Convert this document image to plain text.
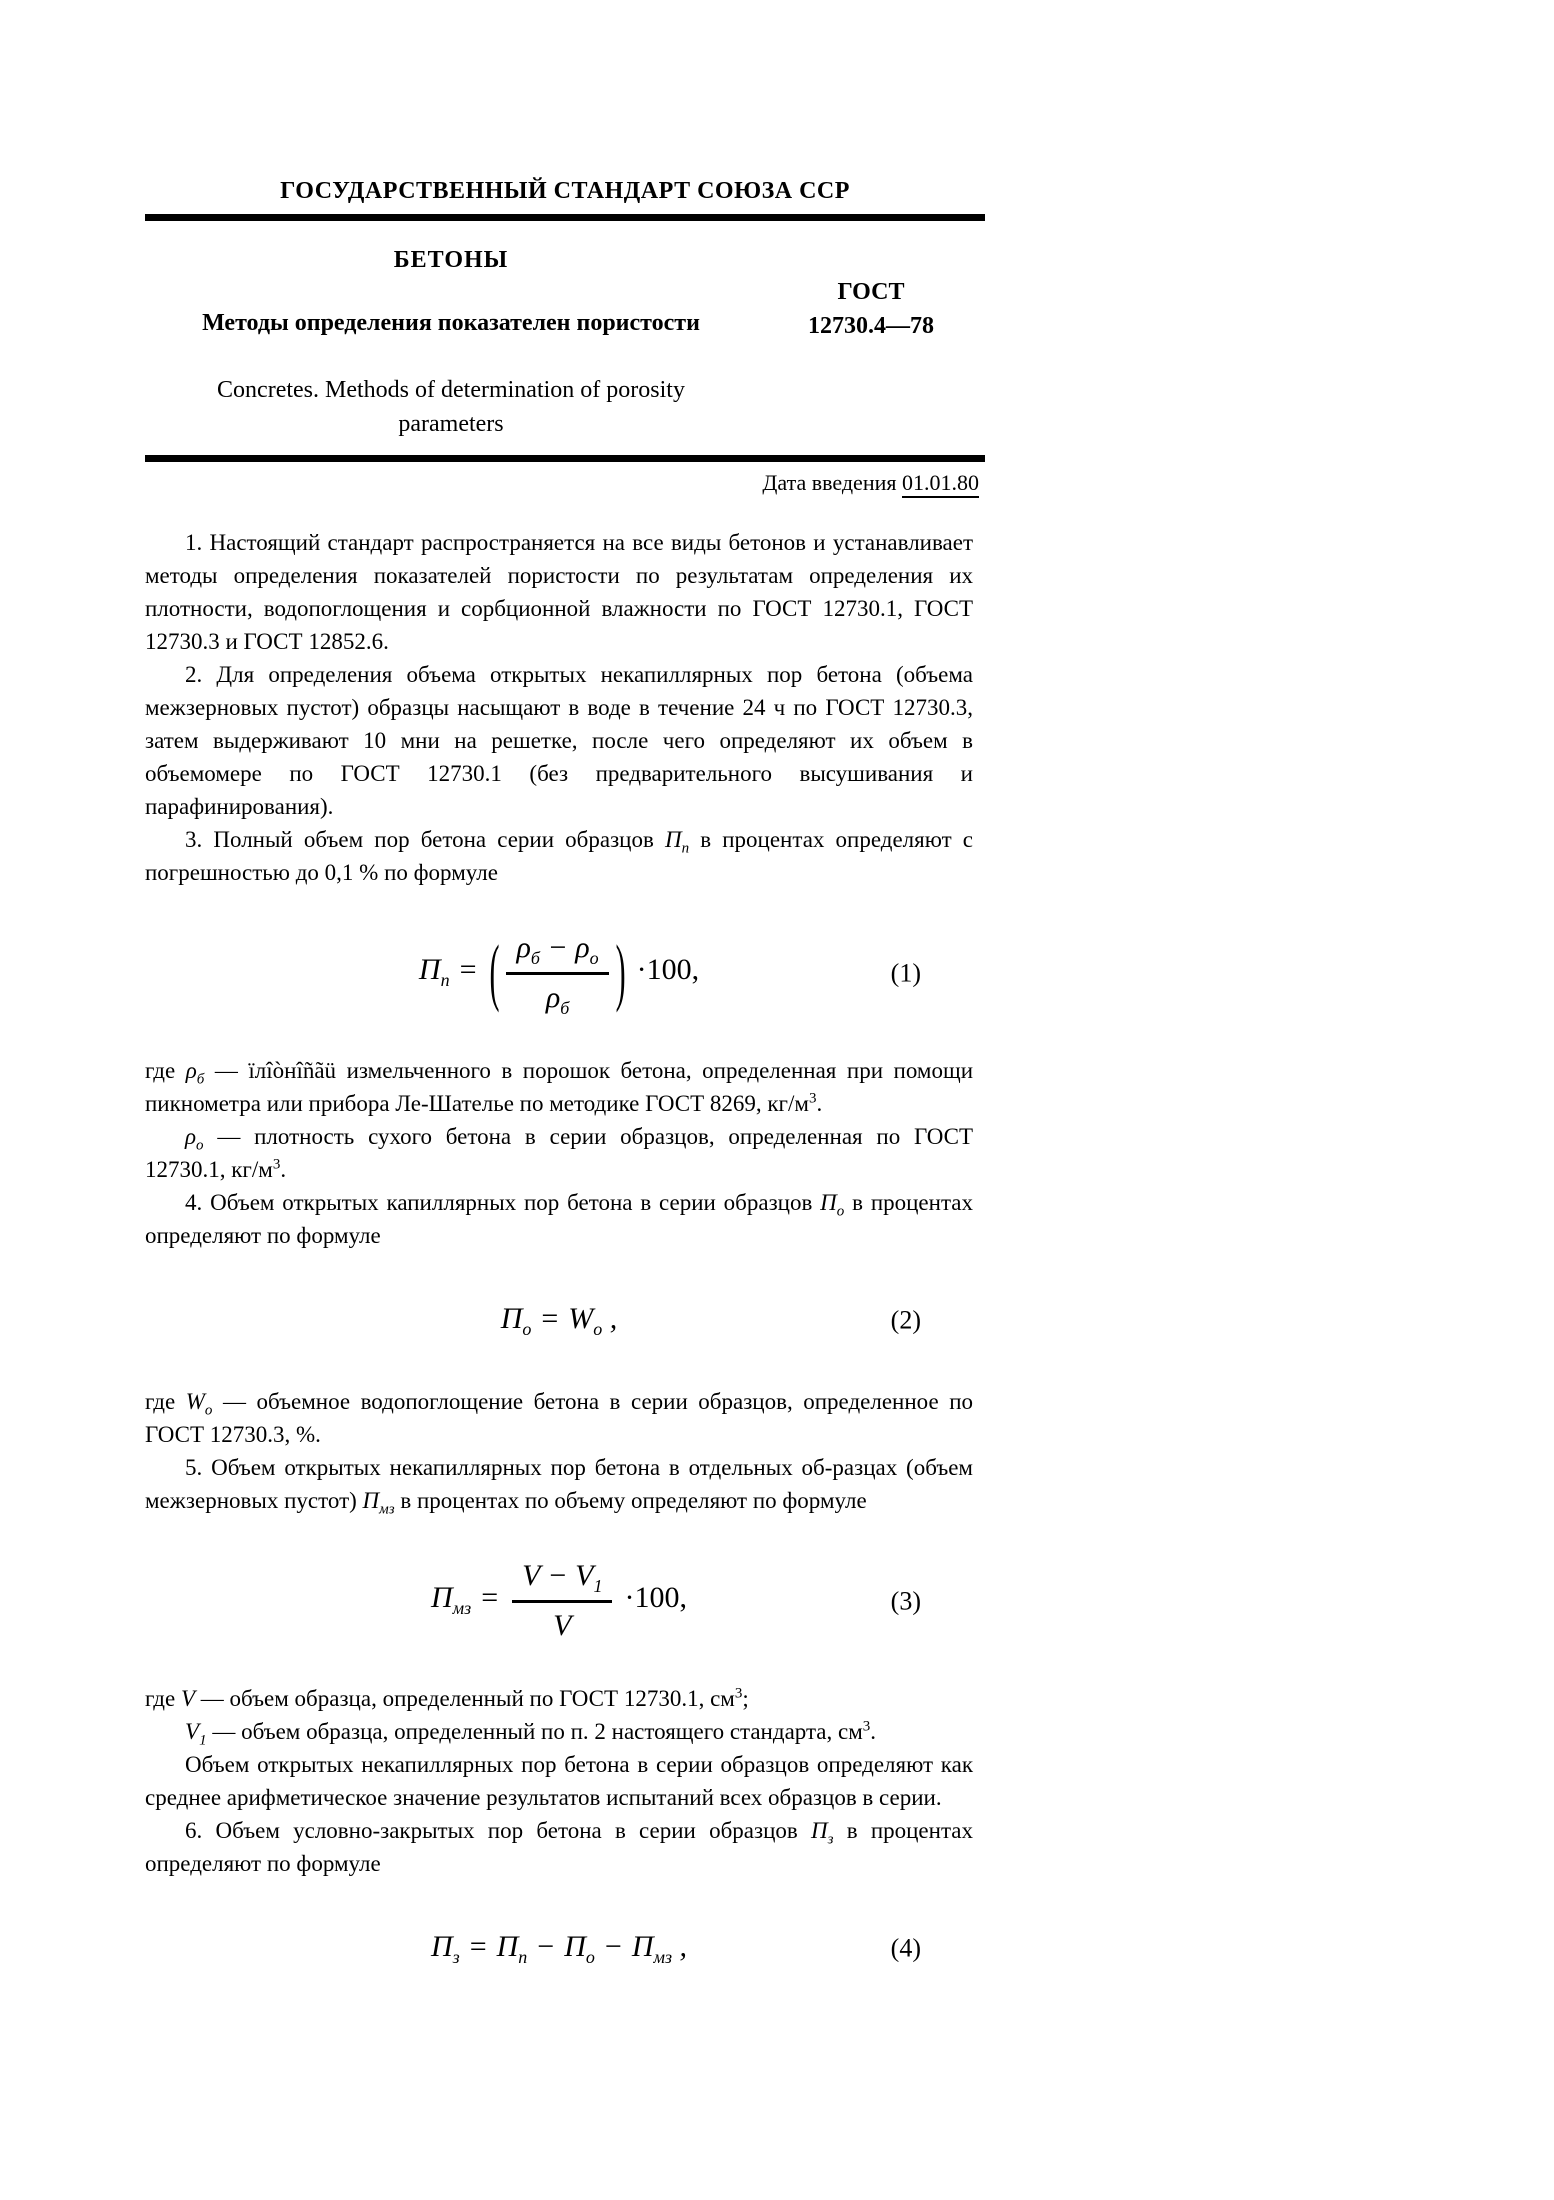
ГОСУДАРСТВЕННЫЙ СТАНДАРТ СОЮЗА ССР
БЕТОНЫ
Методы определения показателен пористости
Concretes. Methods of determination of porosity
parameters
ГОСТ
12730.4—78
Дата введения 01.01.80

1. Настоящий стандарт распространяется на все виды бетонов и устанавливает методы определения показателей пористости по результатам определения их плотности, водопоглощения и сорбционной влажности по ГОСТ 12730.1, ГОСТ 12730.3 и ГОСТ 12852.6.

2. Для определения объема открытых некапиллярных пор бетона (объема межзерновых пустот) образцы насыщают в воде в течение 24 ч по ГОСТ 12730.3, затем выдерживают 10 мни на решетке, после чего определяют их объем в объемомере по ГОСТ 12730.1 (без предварительного высушивания и парафинирования).

3. Полный объем пор бетона серии образцов $П_п$ в процентах определяют с погрешностью до 0,1 % по формуле

$П_п$ = ( $\frac{\rho_б - \rho_о}{\rho_б}$ ) ·100,	(1)

где $\rho_б$ — ïлîòнîñãü измельченного в порошок бетона, определенная при помощи пикнометра или прибора Ле-Шателье по методике ГОСТ 8269, $кг/м^3$.

$\rho_о$ — плотность сухого бетона в серии образцов, определенная по ГОСТ 12730.1, $кг/м^3$.

4. Объем открытых капиллярных пор бетона в серии образцов $П_о$ в процентах определяют по формуле

$П_о = W_о$ ,	(2)

где $W_о$ — объемное водопоглощение бетона в серии образцов, определенное по ГОСТ 12730.3, %.

5. Объем открытых некапиллярных пор бетона в отдельных об-разцах (объем межзерновых пустот) $П_{мз}$ в процентах по объему определяют по формуле

$П_{мз} = \frac{V - V_1}{V} \cdot 100$,	(3)

где V — объем образца, определенный по ГОСТ 12730.1, $см^3$;

$V_1$ — объем образца, определенный по п. 2 настоящего стандарта, $см^3$.

Объем открытых некапиллярных пор бетона в серии образцов определяют как среднее арифметическое значение результатов испытаний всех образцов в серии.

6. Объем условно-закрытых пор бетона в серии образцов $П_з$ в процентах определяют по формуле

$П_з = П_п - П_о - П_{мз}$ ,	(4)
